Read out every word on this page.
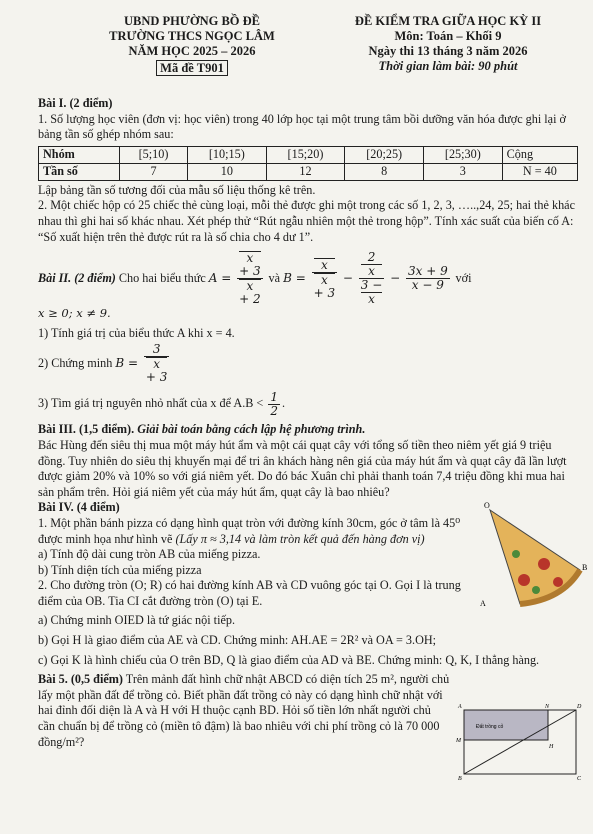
UBND PHƯỜNG BỒ ĐỀ
TRƯỜNG THCS NGỌC LÂM
NĂM HỌC 2025 – 2026
Mã đề T901
ĐỀ KIỂM TRA GIỮA HỌC KỲ II
Môn: Toán – Khối 9
Ngày thi 13 tháng 3 năm 2026
Thời gian làm bài: 90 phút

Bài I. (2 điểm)

1. Số lượng học viên (đơn vị: học viên) trong 40 lớp học tại một trung tâm bồi dưỡng văn hóa được ghi lại ở bảng tần số ghép nhóm sau:

Nhóm	[5;10)	[10;15)	[15;20)	[20;25)	[25;30)	Cộng
Tần số	7	10	12	8	3	N = 40

Lập bảng tần số tương đối của mẫu số liệu thống kê trên.

2. Một chiếc hộp có 25 chiếc thẻ cùng loại, mỗi thẻ được ghi một trong các số 1, 2, 3, …..,24, 25; hai thẻ khác nhau thì ghi hai số khác nhau. Xét phép thử “Rút ngẫu nhiên một thẻ trong hộp”. Tính xác suất của biến cố A: “Số xuất hiện trên thẻ được rút ra là số chia cho 4 dư 1”.

Bài II. (2 điểm) Cho hai biểu thức A = x
+ 3
x
+ 2 và B = x
x
+ 3 − 2
x
3 −
$x - \frac{3x + 9}{x - 9}$ với

x ≥ 0; x ≠ 9.

1) Tính giá trị của biểu thức A khi x = 4.

2) Chứng minh B = 3
x
+ 3

3) Tìm giá trị nguyên nhỏ nhất của x để $A.B < \frac{1}{2}$ .

Bài III. (1,5 điểm). Giải bài toán bằng cách lập hệ phương trình.

Bác Hùng đến siêu thị mua một máy hút ẩm và một cái quạt cây với tổng số tiền theo niêm yết giá 9 triệu đồng. Tuy nhiên do siêu thị khuyến mại để tri ân khách hàng nên giá của máy hút ẩm và quạt cây đã lần lượt được giảm 20% và 10% so với giá niêm yết. Do đó bác Xuân chỉ phải thanh toán 7,4 triệu đồng khi mua hai sản phẩm trên. Hỏi giá niêm yết của máy hút ẩm, quạt cây là bao nhiêu?

Bài IV. (4 điểm)

1. Một phần bánh pizza có dạng hình quạt tròn với đường kính 30cm, góc ở tâm là 45⁰ được minh họa như hình vẽ (Lấy π ≈ 3,14 và làm tròn kết quả đến hàng đơn vị)

a) Tính độ dài cung tròn AB của miếng pizza.

b) Tính diện tích của miếng pizza

2. Cho đường tròn (O; R) có hai đường kính AB và CD vuông góc tại O. Gọi I là trung điểm của OB. Tia CI cắt đường tròn (O) tại E.

a) Chứng minh OIED là tứ giác nội tiếp.

b) Gọi H là giao điểm của AE và CD. Chứng minh: AH.AE = 2R² và OA = 3.OH;

c) Gọi K là hình chiếu của O trên BD, Q là giao điểm của AD và BE. Chứng minh: Q, K, I thẳng hàng.

Bài 5. (0,5 điểm) Trên mảnh đất hình chữ nhật ABCD có diện tích 25 m², người chủ lấy một phần đất để trồng cỏ. Biết phần đất trồng cỏ này có dạng hình chữ nhật với hai đỉnh đối diện là A và H với H thuộc cạnh BD. Hỏi số tiền lớn nhất người chủ cần chuẩn bị để trồng cỏ (miền tô đậm) là bao nhiêu với chi phí trồng cỏ là 70 000 đồng/m²?

O
B
A
Đất trồng cỏ
A	N	D
M
H
B	C
